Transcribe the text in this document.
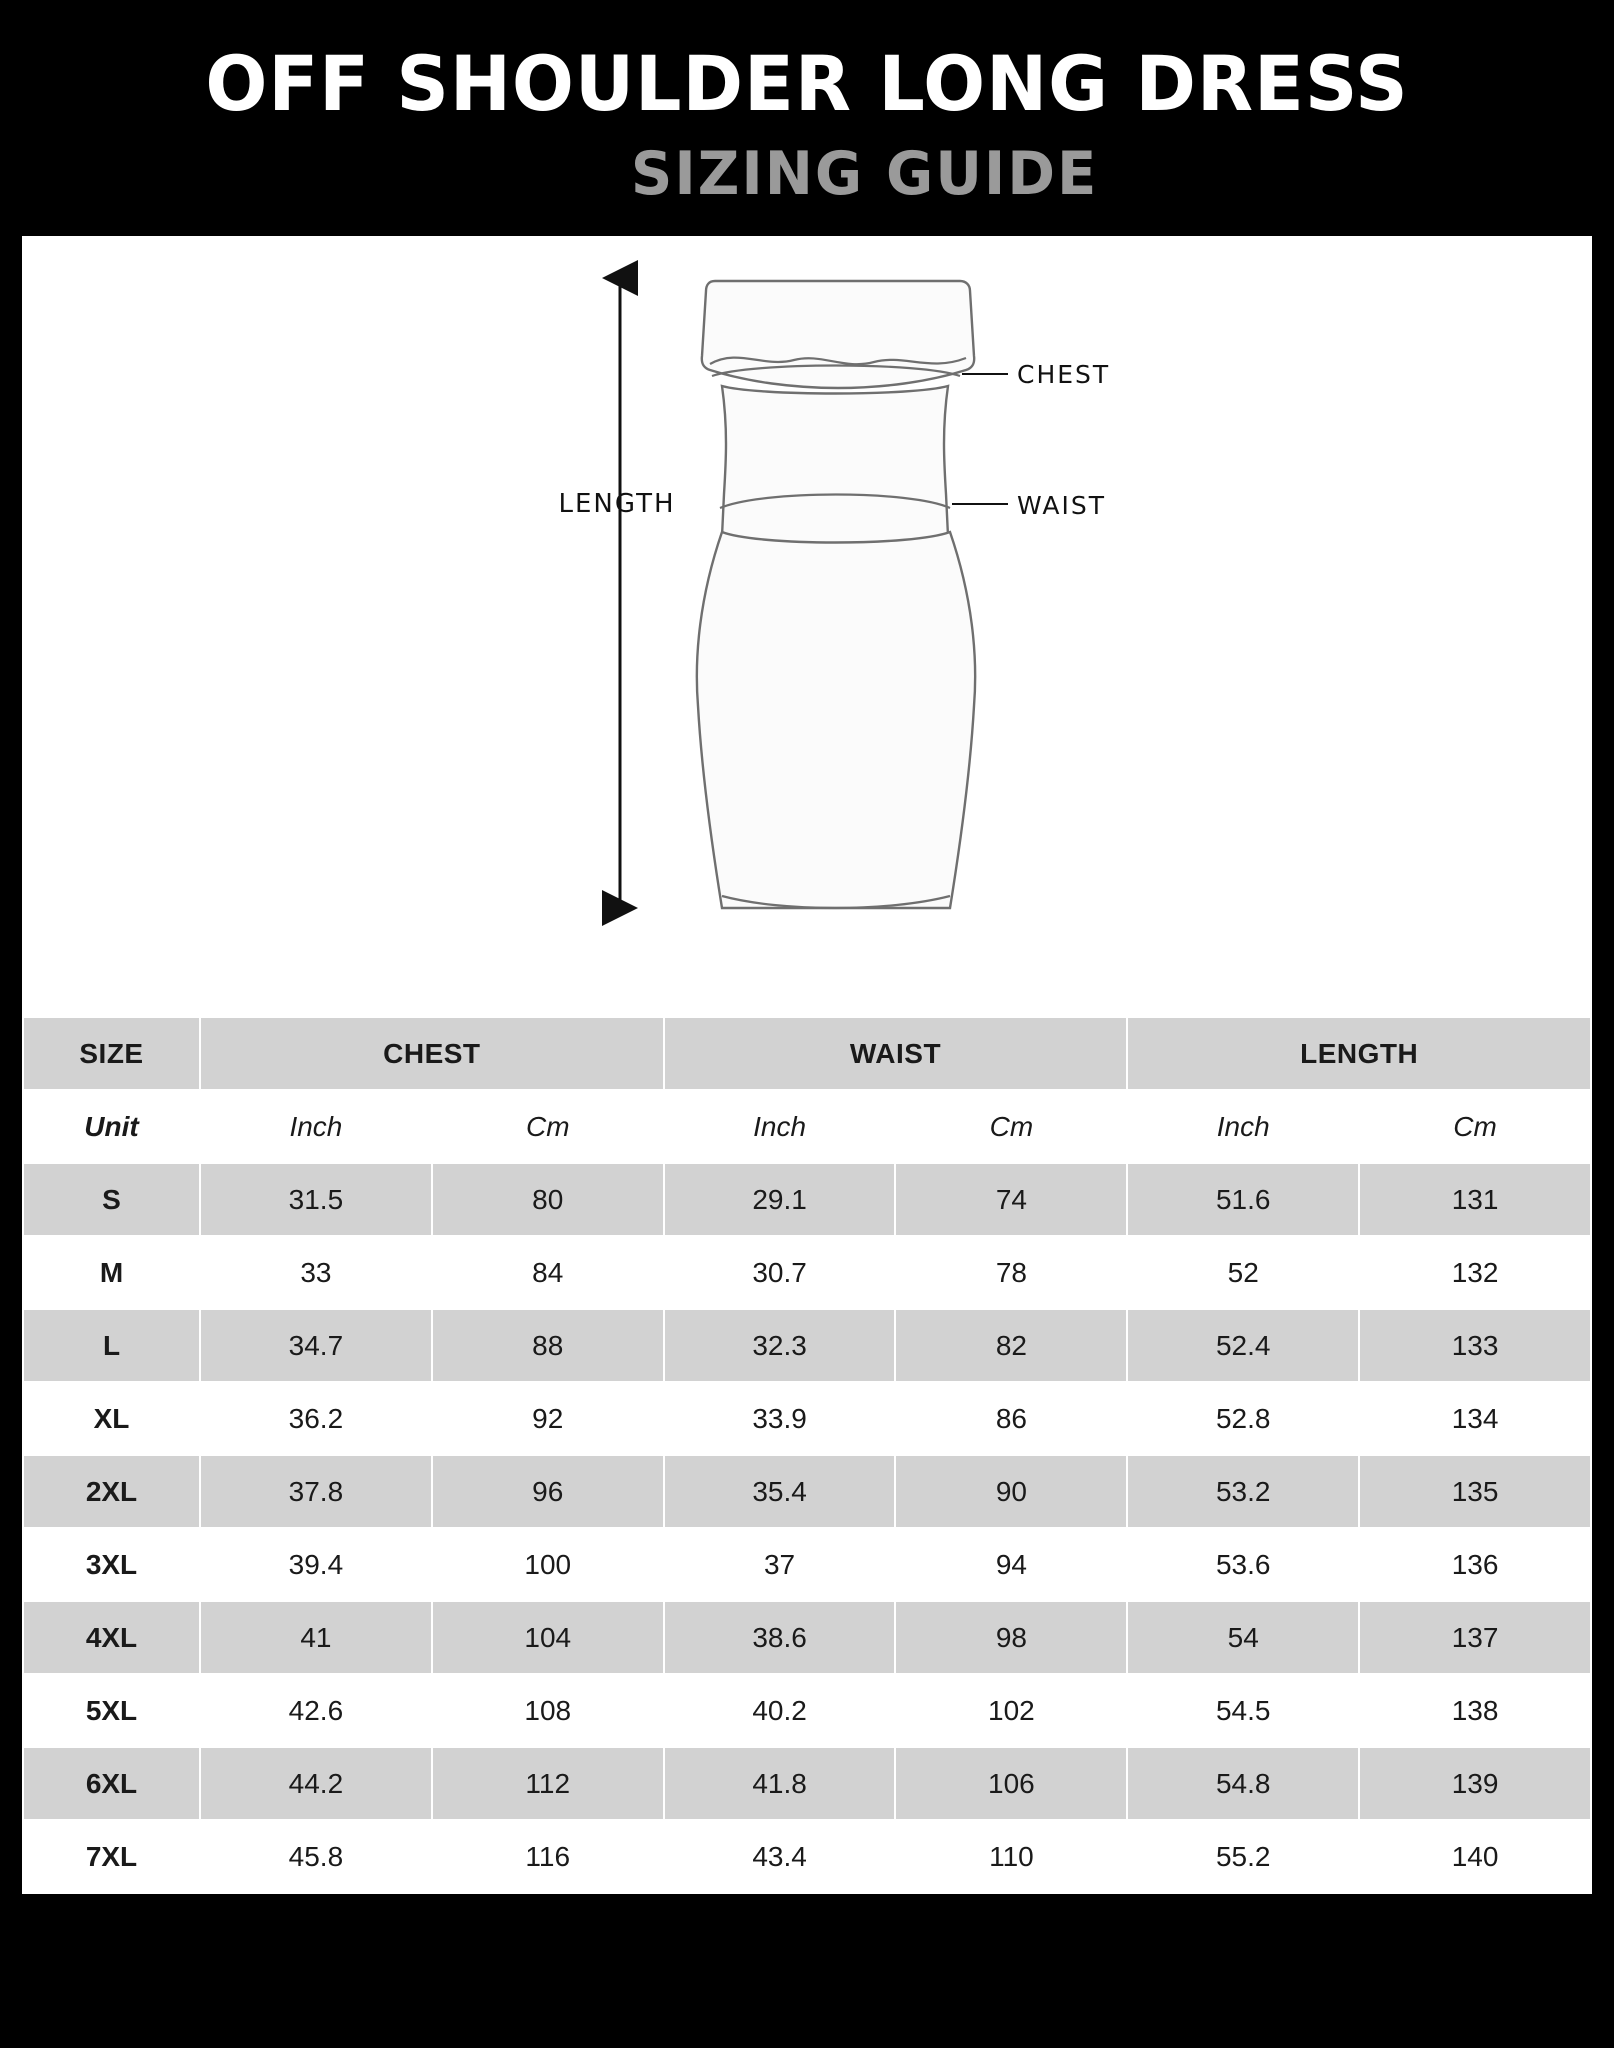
OFF SHOULDER LONG DRESS
SIZING GUIDE
LENGTH
CHEST
WAIST
SIZE	CHEST		WAIST		LENGTH	
Unit	Inch	Cm	Inch	Cm	Inch	Cm
S	31.5	80	29.1	74	51.6	131
M	33	84	30.7	78	52	132
L	34.7	88	32.3	82	52.4	133
XL	36.2	92	33.9	86	52.8	134
2XL	37.8	96	35.4	90	53.2	135
3XL	39.4	100	37	94	53.6	136
4XL	41	104	38.6	98	54	137
5XL	42.6	108	40.2	102	54.5	138
6XL	44.2	112	41.8	106	54.8	139
7XL	45.8	116	43.4	110	55.2	140
